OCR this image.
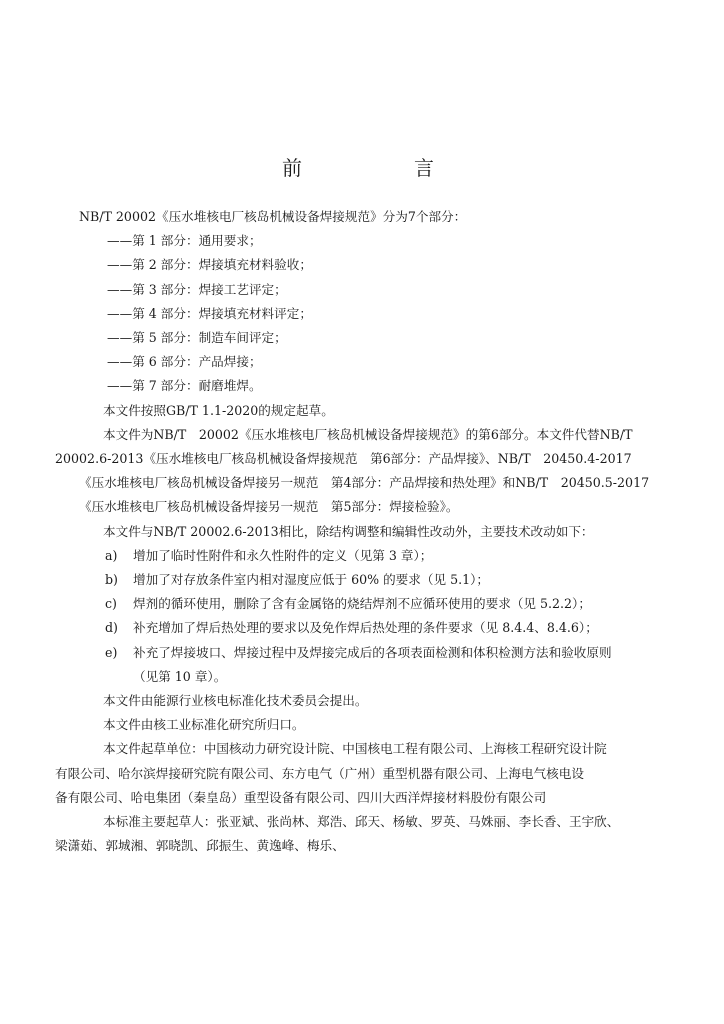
前　言

NB/T 20002《压水堆核电厂核岛机械设备焊接规范》分为7个部分：

——第 1 部分：通用要求；

——第 2 部分：焊接填充材料验收；

——第 3 部分：焊接工艺评定；

——第 4 部分：焊接填充材料评定；

——第 5 部分：制造车间评定；

——第 6 部分：产品焊接；

——第 7 部分：耐磨堆焊。

本文件按照GB/T 1.1-2020的规定起草。

本文件为NB/T　20002《压水堆核电厂核岛机械设备焊接规范》的第6部分。本文件代替NB/T

20002.6-2013《压水堆核电厂核岛机械设备焊接规范　第6部分：产品焊接》、NB/T　20450.4-2017

《压水堆核电厂核岛机械设备焊接另一规范　第4部分：产品焊接和热处理》和NB/T　20450.5-2017

《压水堆核电厂核岛机械设备焊接另一规范　第5部分：焊接检验》。

本文件与NB/T 20002.6-2013相比，除结构调整和编辑性改动外，主要技术改动如下：

a) 增加了临时性附件和永久性附件的定义（见第 3 章）；

b) 增加了对存放条件室内相对湿度应低于 60% 的要求（见 5.1）；

c) 焊剂的循环使用，删除了含有金属铬的烧结焊剂不应循环使用的要求（见 5.2.2）；

d) 补充增加了焊后热处理的要求以及免作焊后热处理的条件要求（见 8.4.4、8.4.6）；

e) 补充了焊接坡口、焊接过程中及焊接完成后的各项表面检测和体积检测方法和验收原则

（见第 10 章）。

本文件由能源行业核电标准化技术委员会提出。

本文件由核工业标准化研究所归口。

本文件起草单位：中国核动力研究设计院、中国核电工程有限公司、上海核工程研究设计院

有限公司、哈尔滨焊接研究院有限公司、东方电气（广州）重型机器有限公司、上海电气核电设

备有限公司、哈电集团（秦皇岛）重型设备有限公司、四川大西洋焊接材料股份有限公司

本标准主要起草人：张亚斌、张尚林、郑浩、邱天、杨敏、罗英、马姝丽、李长香、王宇欣、

梁潇茹、郭城湘、郭晓凯、邱振生、黄逸峰、梅乐、
